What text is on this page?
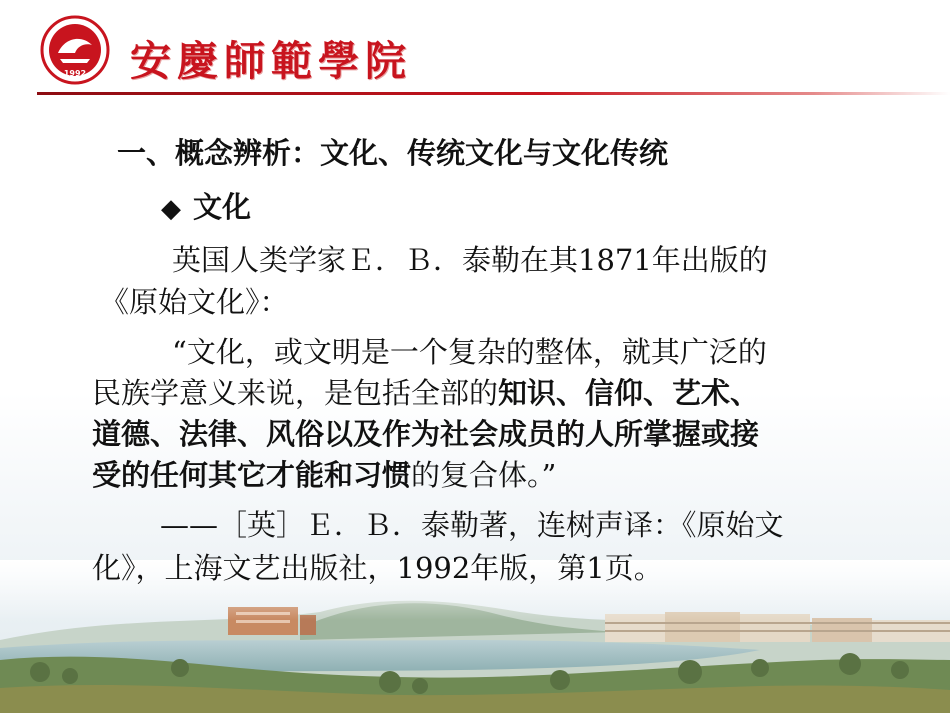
1992 安慶師範學院
一、概念辨析：文化、传统文化与文化传统
◆ 文化
英国人类学家Ｅ．Ｂ．泰勒在其1871年出版的
《原始文化》：
“文化，或文明是一个复杂的整体，就其广泛的
民族学意义来说，是包括全部的知识、信仰、艺术、
道德、法律、风俗以及作为社会成员的人所掌握或接
受的任何其它才能和习惯的复合体。”
——［英］Ｅ．Ｂ．泰勒著，连树声译：《原始文
化》，上海文艺出版社，1992年版，第1页。
